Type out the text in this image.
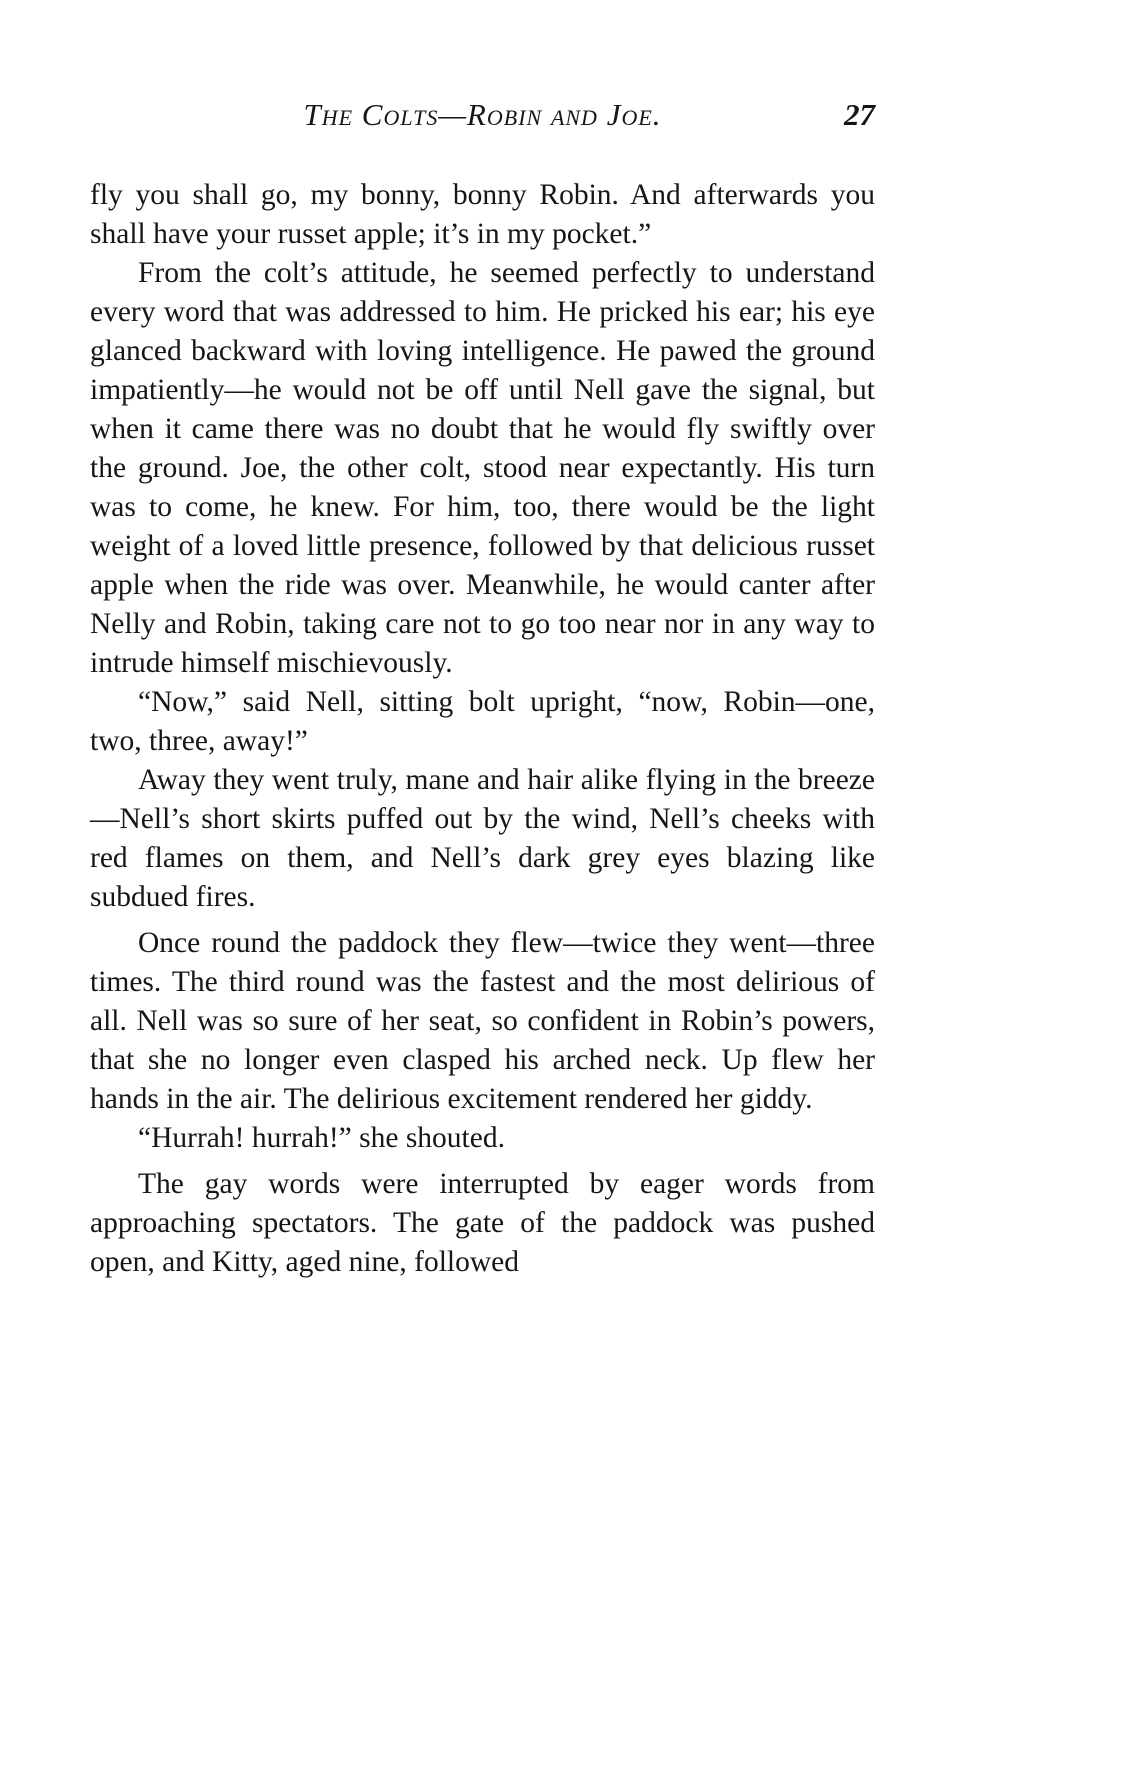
The Colts—Robin and Joe.	27

fly you shall go, my bonny, bonny Robin. And afterwards you shall have your russet apple; it’s in my pocket.”

From the colt’s attitude, he seemed perfectly to understand every word that was addressed to him. He pricked his ear; his eye glanced backward with loving intelligence. He pawed the ground impatiently—he would not be off until Nell gave the signal, but when it came there was no doubt that he would fly swiftly over the ground. Joe, the other colt, stood near expectantly. His turn was to come, he knew. For him, too, there would be the light weight of a loved little presence, followed by that delicious russet apple when the ride was over. Meanwhile, he would canter after Nelly and Robin, taking care not to go too near nor in any way to intrude himself mischievously.

“Now,” said Nell, sitting bolt upright, “now, Robin—one, two, three, away!”

Away they went truly, mane and hair alike flying in the breeze—Nell’s short skirts puffed out by the wind, Nell’s cheeks with red flames on them, and Nell’s dark grey eyes blazing like subdued fires.

Once round the paddock they flew—twice they went—three times. The third round was the fastest and the most delirious of all. Nell was so sure of her seat, so confident in Robin’s powers, that she no longer even clasped his arched neck. Up flew her hands in the air. The delirious excitement rendered her giddy.

“Hurrah! hurrah!” she shouted.

The gay words were interrupted by eager words from approaching spectators. The gate of the paddock was pushed open, and Kitty, aged nine, followed
